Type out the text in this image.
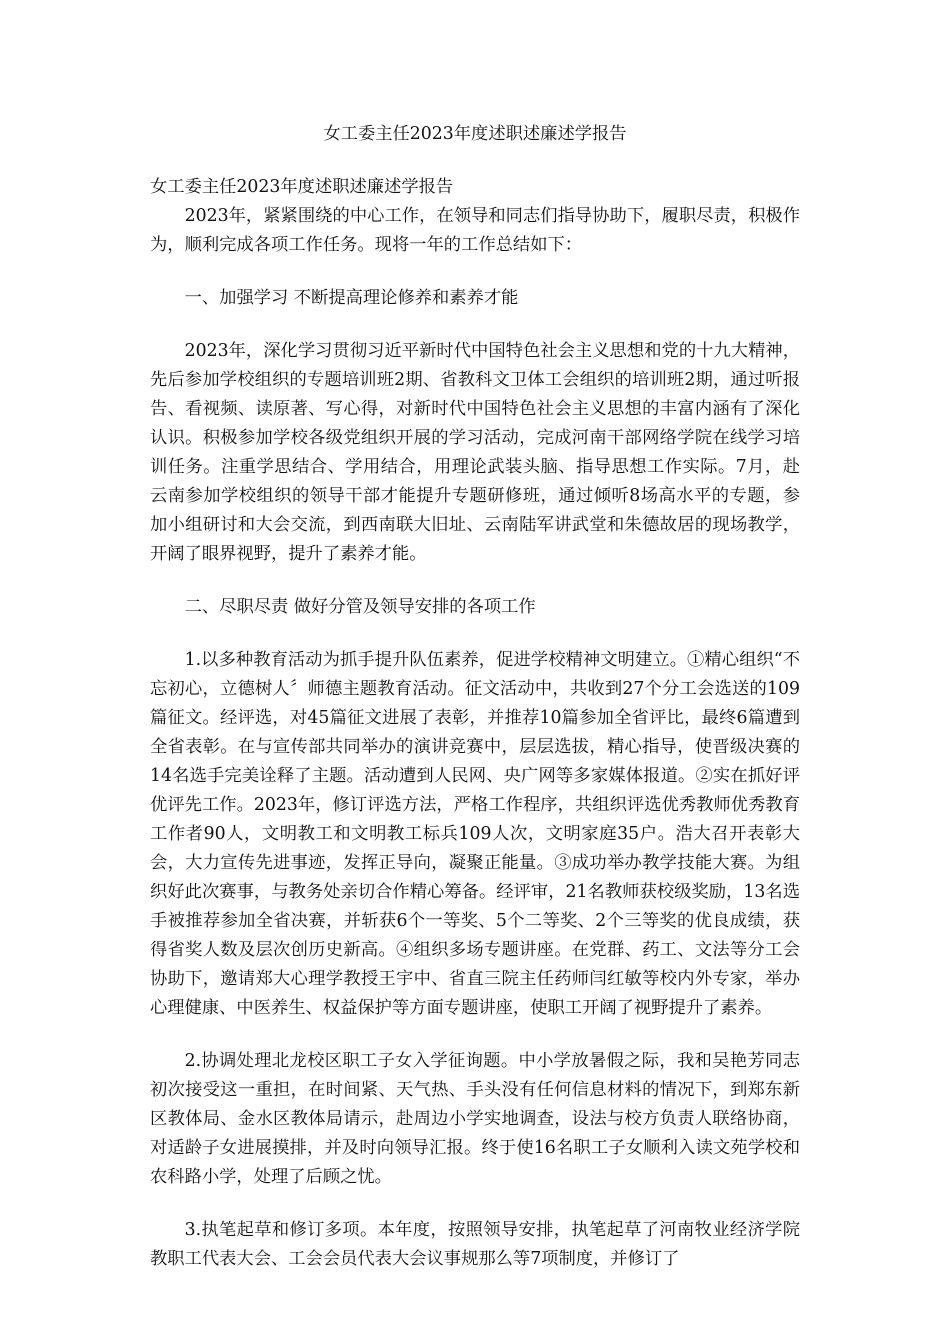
女工委主任2023年度述职述廉述学报告
女工委主任2023年度述职述廉述学报告

2023年，紧紧围绕的中心工作，在领导和同志们指导协助下，履职尽责，积极作为，顺利完成各项工作任务。现将一年的工作总结如下：

一、加强学习 不断提高理论修养和素养才能

2023年，深化学习贯彻习近平新时代中国特色社会主义思想和党的十九大精神，先后参加学校组织的专题培训班2期、省教科文卫体工会组织的培训班2期，通过听报告、看视频、读原著、写心得，对新时代中国特色社会主义思想的丰富内涵有了深化认识。积极参加学校各级党组织开展的学习活动，完成河南干部网络学院在线学习培训任务。注重学思结合、学用结合，用理论武装头脑、指导思想工作实际。7月，赴云南参加学校组织的领导干部才能提升专题研修班，通过倾听8场高水平的专题，参加小组研讨和大会交流，到西南联大旧址、云南陆军讲武堂和朱德故居的现场教学，开阔了眼界视野，提升了素养才能。

二、尽职尽责 做好分管及领导安排的各项工作

1.以多种教育活动为抓手提升队伍素养，促进学校精神文明建立。①精心组织“不忘初心，立德树人〞师德主题教育活动。征文活动中，共收到27个分工会选送的109篇征文。经评选，对45篇征文进展了表彰，并推荐10篇参加全省评比，最终6篇遭到全省表彰。在与宣传部共同举办的演讲竞赛中，层层选拔，精心指导，使晋级决赛的14名选手完美诠释了主题。活动遭到人民网、央广网等多家媒体报道。②实在抓好评优评先工作。2023年，修订评选方法，严格工作程序，共组织评选优秀教师优秀教育工作者90人，文明教工和文明教工标兵109人次，文明家庭35户。浩大召开表彰大会，大力宣传先进事迹，发挥正导向，凝聚正能量。③成功举办教学技能大赛。为组织好此次赛事，与教务处亲切合作精心筹备。经评审，21名教师获校级奖励，13名选手被推荐参加全省决赛，并斩获6个一等奖、5个二等奖、2个三等奖的优良成绩，获得省奖人数及层次创历史新高。④组织多场专题讲座。在党群、药工、文法等分工会协助下，邀请郑大心理学教授王宇中、省直三院主任药师闫红敏等校内外专家，举办心理健康、中医养生、权益保护等方面专题讲座，使职工开阔了视野提升了素养。

2.协调处理北龙校区职工子女入学征询题。中小学放暑假之际，我和吴艳芳同志初次接受这一重担，在时间紧、天气热、手头没有任何信息材料的情况下，到郑东新区教体局、金水区教体局请示，赴周边小学实地调查，设法与校方负责人联络协商，对适龄子女进展摸排，并及时向领导汇报。终于使16名职工子女顺利入读文苑学校和农科路小学，处理了后顾之忧。

3.执笔起草和修订多项。本年度，按照领导安排，执笔起草了河南牧业经济学院教职工代表大会、工会会员代表大会议事规那么等7项制度，并修订了
